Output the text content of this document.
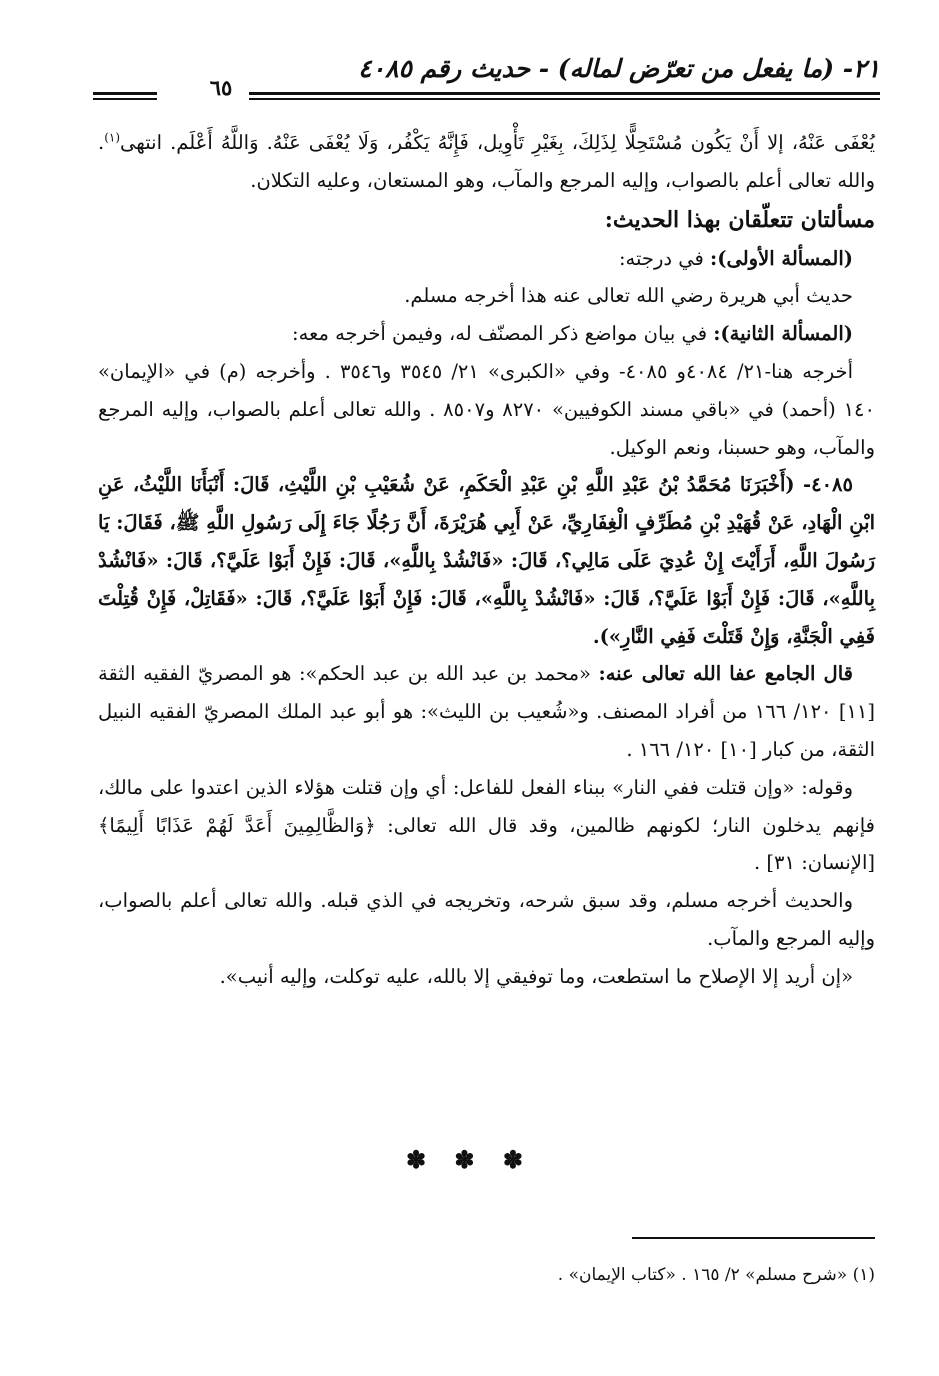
٢١- (ما يفعل من تعرّض لماله) - حديث رقم ٤٠٨٥
٦٥

يُعْفَى عَنْهُ، إلا أَنْ يَكُون مُسْتَحِلًّا لِذَلِكَ، بِغَيْرِ تَأْوِيل، فَإِنَّهُ يَكْفُر، وَلَا يُعْفَى عَنْهُ. وَاللَّهُ أَعْلَم. انتهى$^{(١)}$. والله تعالى أعلم بالصواب، وإليه المرجع والمآب، وهو المستعان، وعليه التكلان.

مسألتان تتعلّقان بهذا الحديث:

(المسألة الأولى): في درجته:

حديث أبي هريرة رضي الله تعالى عنه هذا أخرجه مسلم.

(المسألة الثانية): في بيان مواضع ذكر المصنّف له، وفيمن أخرجه معه:

أخرجه هنا-٢١/ ٤٠٨٤و ٤٠٨٥- وفي «الكبرى» ٢١/ ٣٥٤٥ و٣٥٤٦ . وأخرجه (م) في «الإيمان» ١٤٠ (أحمد) في «باقي مسند الكوفيين» ٨٢٧٠ و٨٥٠٧ . والله تعالى أعلم بالصواب، وإليه المرجع والمآب، وهو حسبنا، ونعم الوكيل.

٤٠٨٥- (أَخْبَرَنَا مُحَمَّدُ بْنُ عَبْدِ اللَّهِ بْنِ عَبْدِ الْحَكَمِ، عَنْ شُعَيْبِ بْنِ اللَّيْثِ، قَالَ: أَنْبَأَنَا اللَّيْثُ، عَنِ ابْنِ الْهَادِ، عَنْ قُهَيْدِ بْنِ مُطَرِّفٍ الْغِفَارِيِّ، عَنْ أَبِي هُرَيْرَةَ، أَنَّ رَجُلًا جَاءَ إِلَى رَسُولِ اللَّهِ ﷺ، فَقَالَ: يَا رَسُولَ اللَّهِ، أَرَأَيْتَ إِنْ عُدِيَ عَلَى مَالِي؟، قَالَ: «فَانْشُدْ بِاللَّهِ»، قَالَ: فَإِنْ أَبَوْا عَلَيَّ؟، قَالَ: «فَانْشُدْ بِاللَّهِ»، قَالَ: فَإِنْ أَبَوْا عَلَيَّ؟، قَالَ: «فَانْشُدْ بِاللَّهِ»، قَالَ: فَإِنْ أَبَوْا عَلَيَّ؟، قَالَ: «فَقَاتِلْ، فَإِنْ قُتِلْتَ فَفِي الْجَنَّةِ، وَإِنْ قَتَلْتَ فَفِي النَّارِ»).

قال الجامع عفا الله تعالى عنه: «محمد بن عبد الله بن عبد الحكم»: هو المصريّ الفقيه الثقة [١١] ١٢٠/ ١٦٦ من أفراد المصنف. و«شُعيب بن الليث»: هو أبو عبد الملك المصريّ الفقيه النبيل الثقة، من كبار [١٠] ١٢٠/ ١٦٦ .

وقوله: «وإن قتلت ففي النار» ببناء الفعل للفاعل: أي وإن قتلت هؤلاء الذين اعتدوا على مالك، فإنهم يدخلون النار؛ لكونهم ظالمين، وقد قال الله تعالى: ﴿وَالظَّالِمِينَ أَعَدَّ لَهُمْ عَذَابًا أَلِيمًا﴾ [الإنسان: ٣١] .

والحديث أخرجه مسلم، وقد سبق شرحه، وتخريجه في الذي قبله. والله تعالى أعلم بالصواب، وإليه المرجع والمآب.

«إن أريد إلا الإصلاح ما استطعت، وما توفيقي إلا بالله، عليه توكلت، وإليه أنيب».

✽ ✽ ✽
(١) «شرح مسلم» ٢/ ١٦٥ . «كتاب الإيمان» .
